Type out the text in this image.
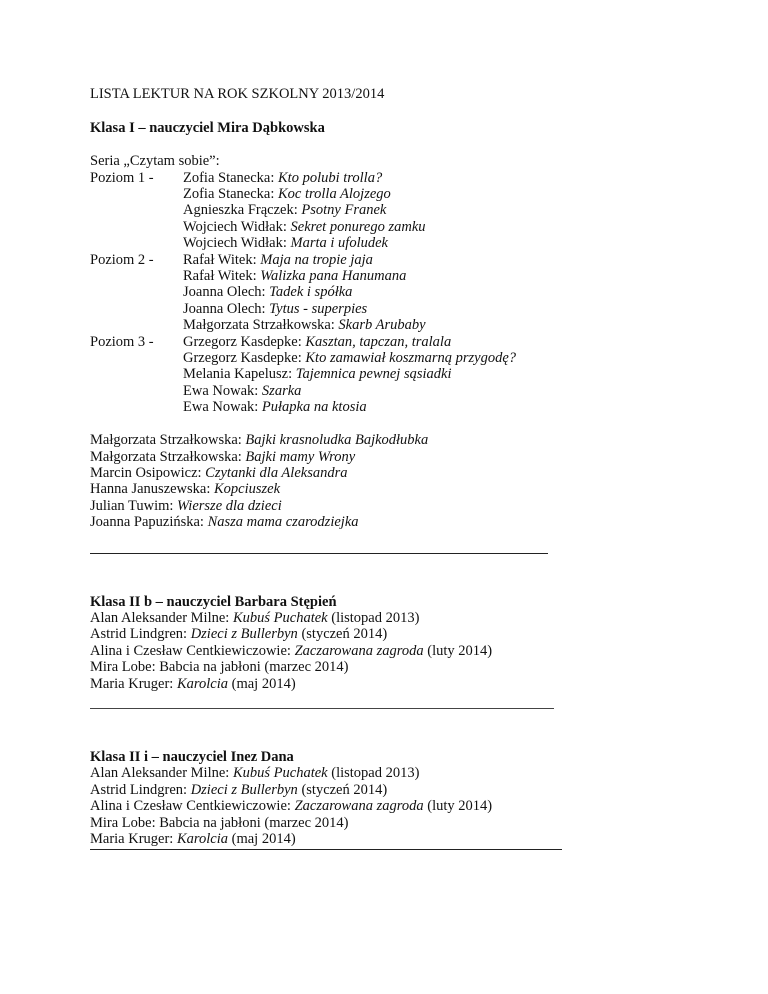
LISTA LEKTUR NA ROK SZKOLNY 2013/2014
Klasa I – nauczyciel Mira Dąbkowska
Seria „Czytam sobie”:
Poziom 1 -	Zofia Stanecka: Kto polubi trolla?
Zofia Stanecka: Koc trolla Alojzego
Agnieszka Frączek: Psotny Franek
Wojciech Widłak: Sekret ponurego zamku
Wojciech Widłak: Marta i ufoludek
Poziom 2 -	Rafał Witek: Maja na tropie jaja
Rafał Witek: Walizka pana Hanumana
Joanna Olech: Tadek i spółka
Joanna Olech: Tytus - superpies
Małgorzata Strzałkowska: Skarb Arubaby
Poziom 3 -	Grzegorz Kasdepke: Kasztan, tapczan, tralala
Grzegorz Kasdepke: Kto zamawiał koszmarną przygodę?
Melania Kapelusz: Tajemnica pewnej sąsiadki
Ewa Nowak: Szarka
Ewa Nowak: Pułapka na ktosia
Małgorzata Strzałkowska: Bajki krasnoludka Bajkodłubka
Małgorzata Strzałkowska: Bajki mamy Wrony
Marcin Osipowicz: Czytanki dla Aleksandra
Hanna Januszewska: Kopciuszek
Julian Tuwim: Wiersze dla dzieci
Joanna Papuzińska: Nasza mama czarodziejka
Klasa II b – nauczyciel Barbara Stępień
Alan Aleksander Milne: Kubuś Puchatek (listopad 2013)
Astrid Lindgren: Dzieci z Bullerbyn (styczeń 2014)
Alina i Czesław Centkiewiczowie: Zaczarowana zagroda (luty 2014)
Mira Lobe: Babcia na jabłoni (marzec 2014)
Maria Kruger: Karolcia (maj 2014)
Klasa II i – nauczyciel Inez Dana
Alan Aleksander Milne: Kubuś Puchatek (listopad 2013)
Astrid Lindgren: Dzieci z Bullerbyn (styczeń 2014)
Alina i Czesław Centkiewiczowie: Zaczarowana zagroda (luty 2014)
Mira Lobe: Babcia na jabłoni (marzec 2014)
Maria Kruger: Karolcia (maj 2014)
